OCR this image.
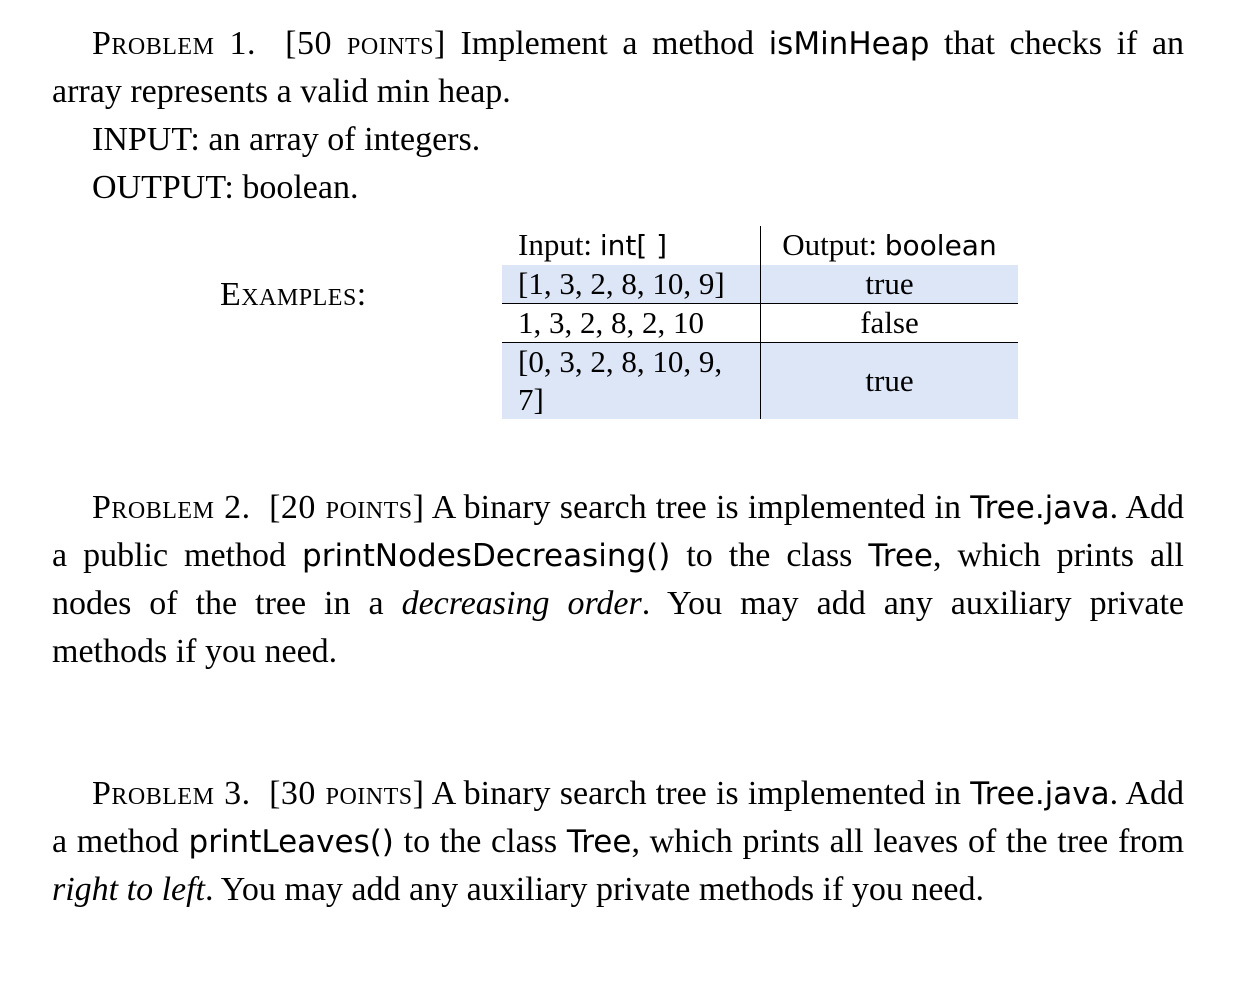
Problem 1. [50 points] Implement a method isMinHeap that checks if an array represents a valid min heap.

INPUT: an array of integers.
OUTPUT: boolean.

Examples:
Input: int[ ]	Output: boolean
[1, 3, 2, 8, 10, 9]	true
1, 3, 2, 8, 2, 10	false
[0, 3, 2, 8, 10, 9, 7]	true

Problem 2. [20 points] A binary search tree is implemented in Tree.java. Add a public method printNodesDecreasing() to the class Tree, which prints all nodes of the tree in a decreasing order. You may add any auxiliary private methods if you need.

Problem 3. [30 points] A binary search tree is implemented in Tree.java. Add a method printLeaves() to the class Tree, which prints all leaves of the tree from right to left. You may add any auxiliary private methods if you need.
